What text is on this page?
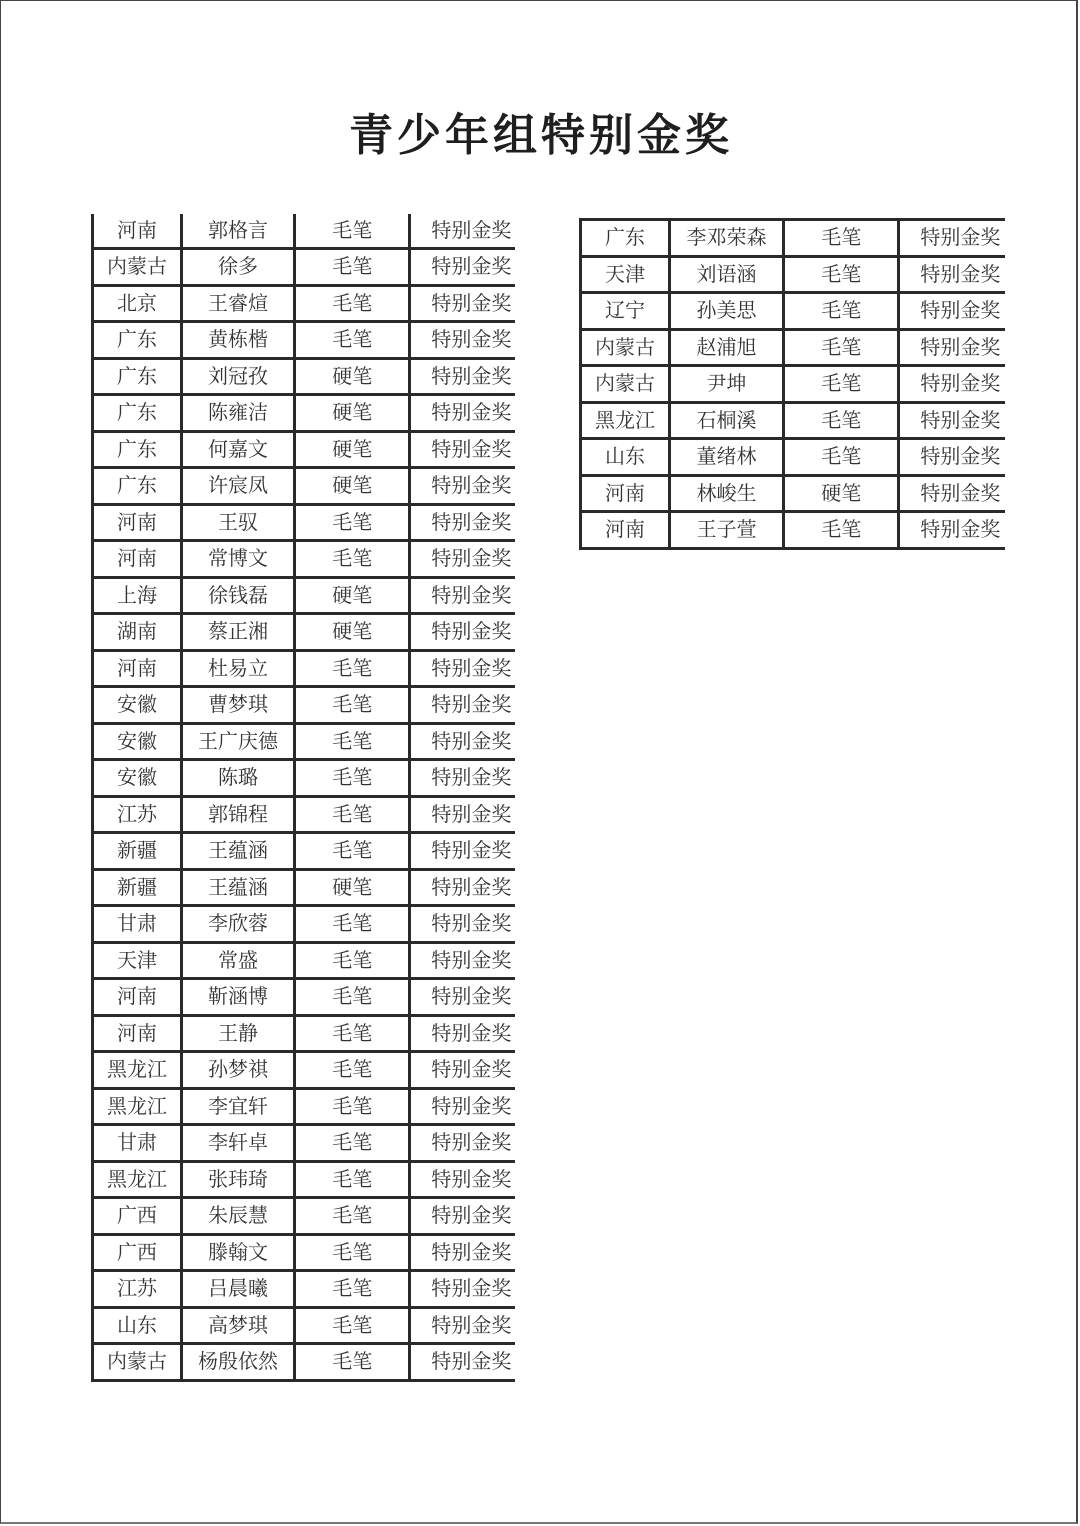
青少年组特别金奖
河南	郭格言	毛笔	特别金奖
内蒙古	徐多	毛笔	特别金奖
北京	王睿煊	毛笔	特别金奖
广东	黄栋楷	毛笔	特别金奖
广东	刘冠孜	硬笔	特别金奖
广东	陈雍洁	硬笔	特别金奖
广东	何嘉文	硬笔	特别金奖
广东	许宸凤	硬笔	特别金奖
河南	王驭	毛笔	特别金奖
河南	常博文	毛笔	特别金奖
上海	徐钱磊	硬笔	特别金奖
湖南	蔡正湘	硬笔	特别金奖
河南	杜易立	毛笔	特别金奖
安徽	曹梦琪	毛笔	特别金奖
安徽	王广庆德	毛笔	特别金奖
安徽	陈璐	毛笔	特别金奖
江苏	郭锦程	毛笔	特别金奖
新疆	王蕴涵	毛笔	特别金奖
新疆	王蕴涵	硬笔	特别金奖
甘肃	李欣蓉	毛笔	特别金奖
天津	常盛	毛笔	特别金奖
河南	靳涵博	毛笔	特别金奖
河南	王静	毛笔	特别金奖
黑龙江	孙梦祺	毛笔	特别金奖
黑龙江	李宜轩	毛笔	特别金奖
甘肃	李轩卓	毛笔	特别金奖
黑龙江	张玮琦	毛笔	特别金奖
广西	朱辰慧	毛笔	特别金奖
广西	滕翰文	毛笔	特别金奖
江苏	吕晨曦	毛笔	特别金奖
山东	高梦琪	毛笔	特别金奖
内蒙古	杨殷依然	毛笔	特别金奖
广东	李邓荣森	毛笔	特别金奖
天津	刘语涵	毛笔	特别金奖
辽宁	孙美思	毛笔	特别金奖
内蒙古	赵浦旭	毛笔	特别金奖
内蒙古	尹坤	毛笔	特别金奖
黑龙江	石桐溪	毛笔	特别金奖
山东	董绪林	毛笔	特别金奖
河南	林峻生	硬笔	特别金奖
河南	王子萱	毛笔	特别金奖
